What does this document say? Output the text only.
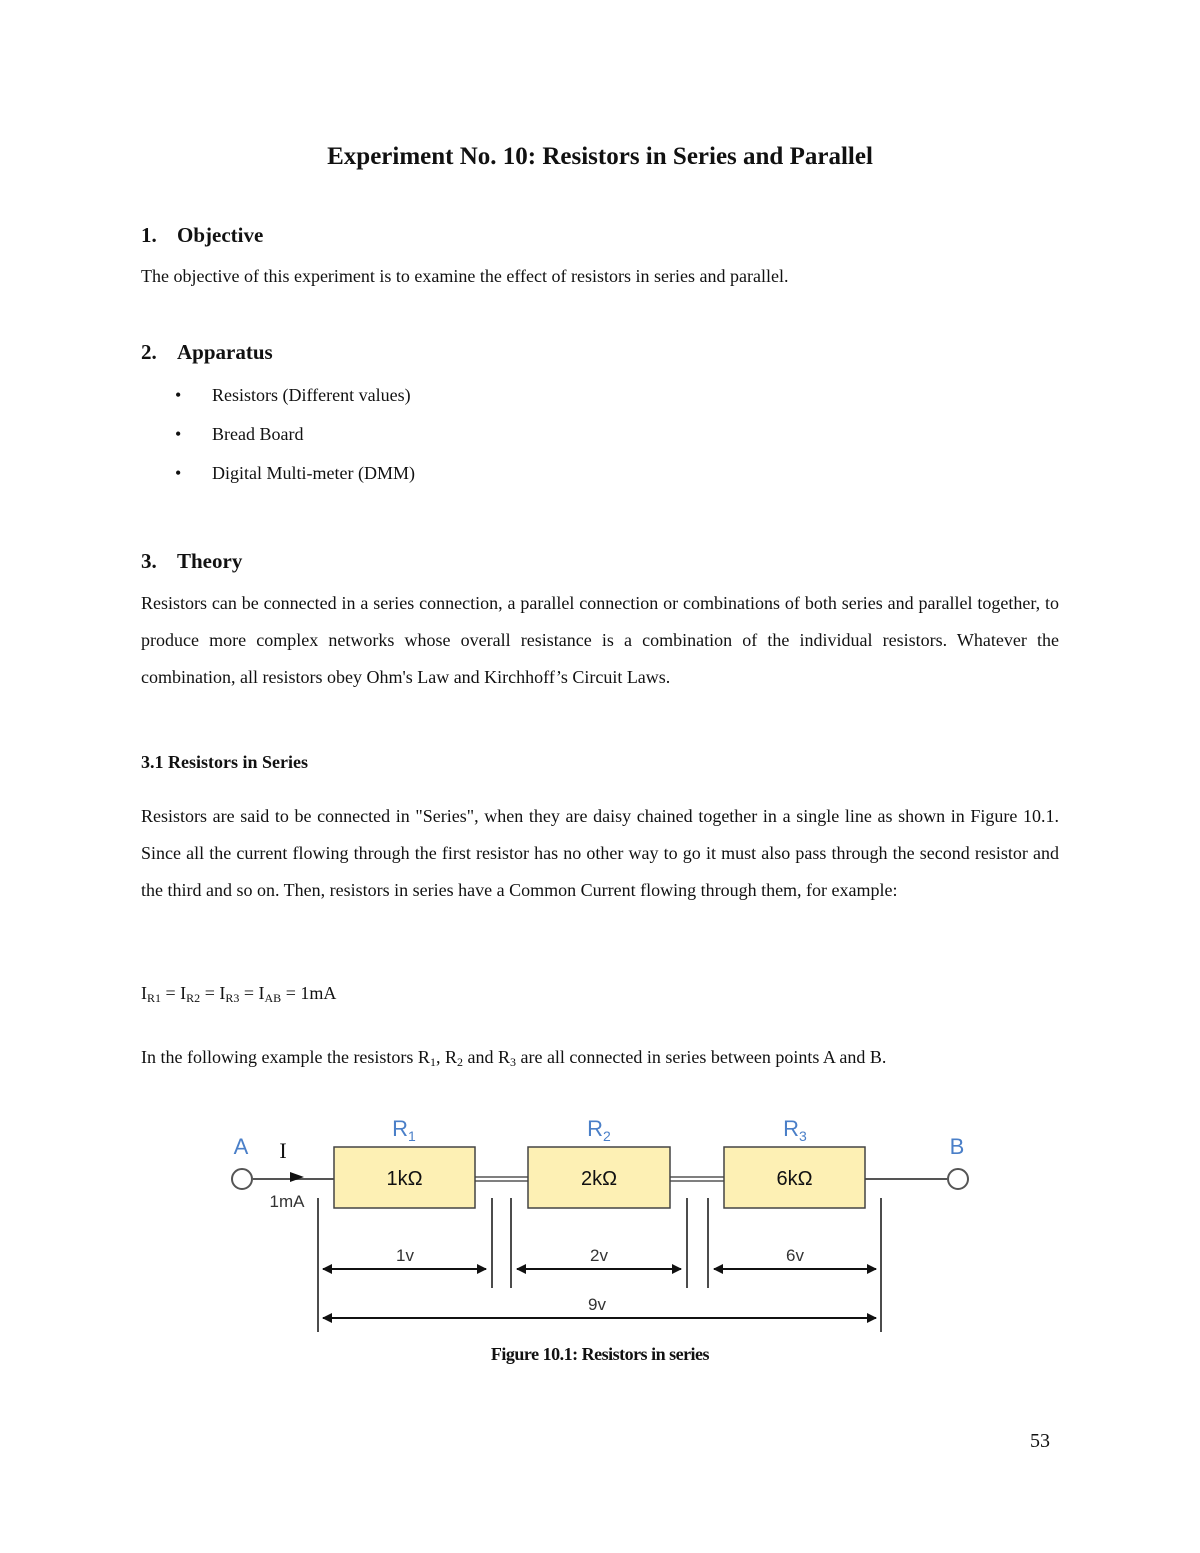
Experiment No. 10: Resistors in Series and Parallel
1. Objective

The objective of this experiment is to examine the effect of resistors in series and parallel.

2. Apparatus
• Resistors (Different values)
• Bread Board
• Digital Multi-meter (DMM)
3. Theory

Resistors can be connected in a series connection, a parallel connection or combinations of both series and parallel together, to produce more complex networks whose overall resistance is a combination of the individual resistors. Whatever the combination, all resistors obey Ohm's Law and Kirchhoff’s Circuit Laws.

3.1 Resistors in Series

Resistors are said to be connected in "Series", when they are daisy chained together in a single line as shown in Figure 10.1. Since all the current flowing through the first resistor has no other way to go it must also pass through the second resistor and the third and so on. Then, resistors in series have a Common Current flowing through them, for example:

$I_{R1} = I_{R2} = I_{R3} = I_{AB} = 1mA$

In the following example the resistors $R_1$, $R_2$ and $R_3$ are all connected in series between points A and B.

A	B
I
1mA
1kΩ
$R_1$
2kΩ
$R_2$
6kΩ
$R_3$
1v	2v	6v
9v
Figure 10.1: Resistors in series
53
